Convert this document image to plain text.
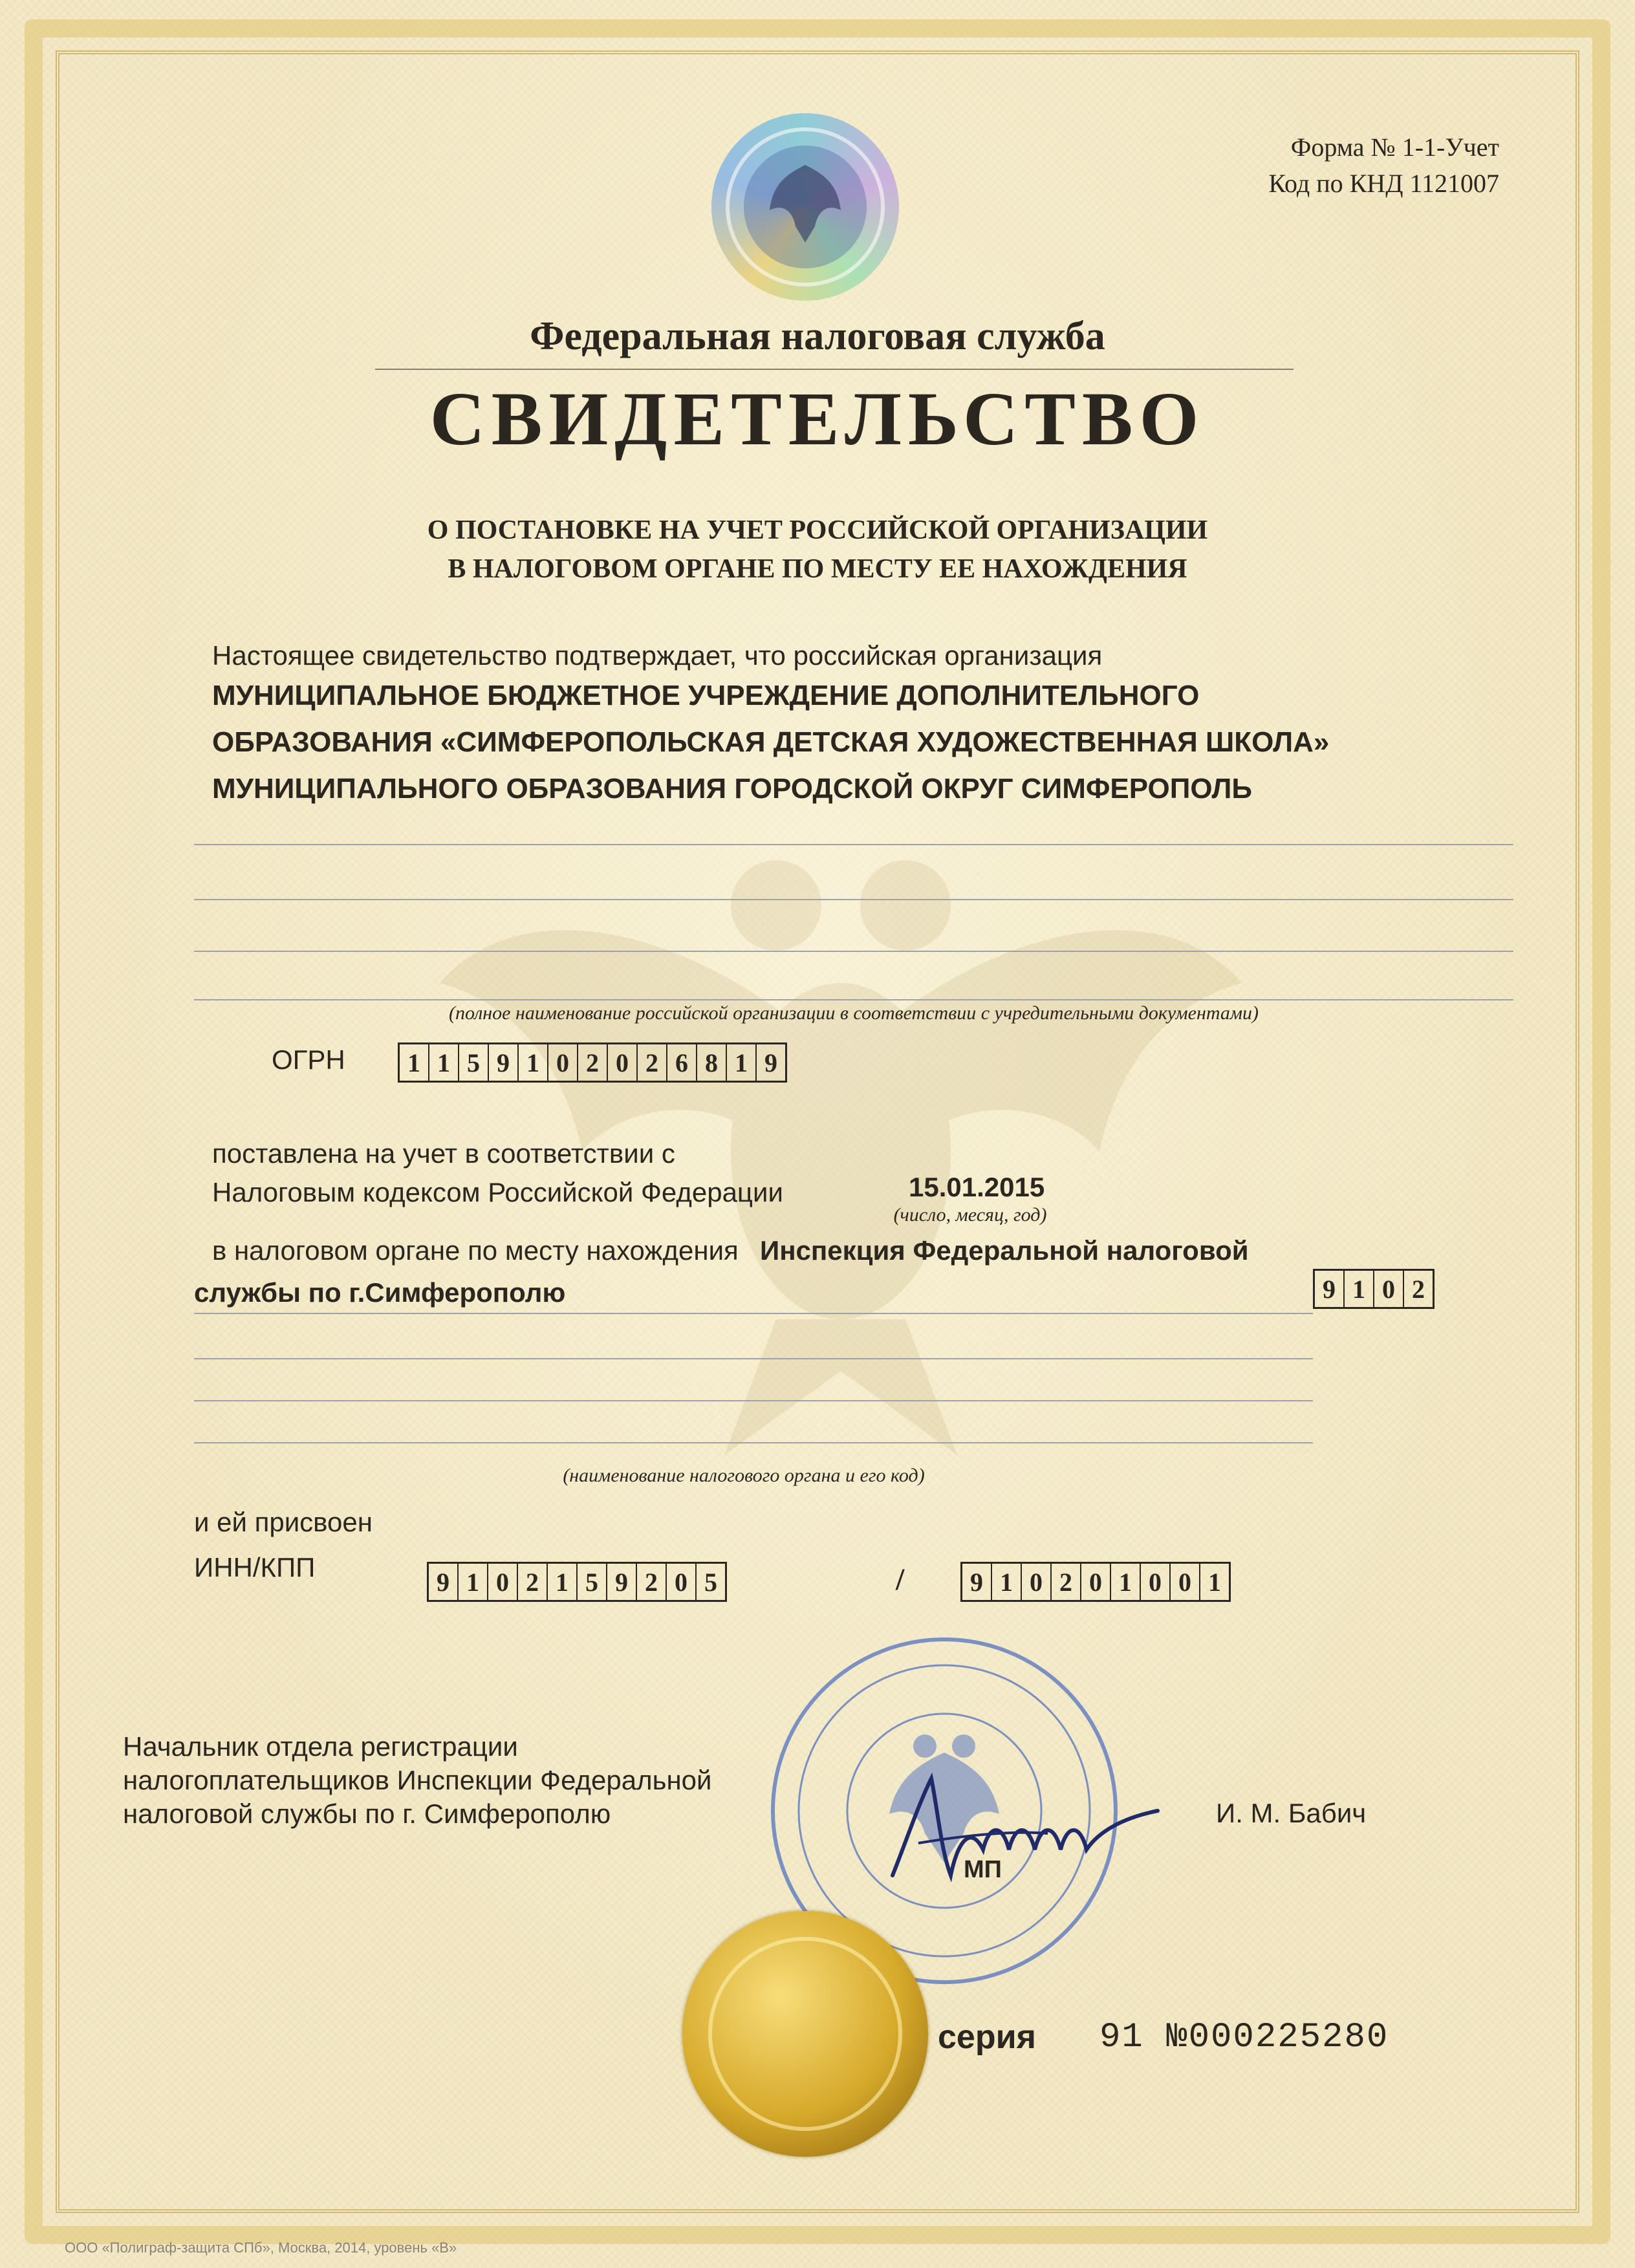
Форма № 1-1-Учет
Код по КНД 1121007
Федеральная налоговая служба
СВИДЕТЕЛЬСТВО
О ПОСТАНОВКЕ НА УЧЕТ РОССИЙСКОЙ ОРГАНИЗАЦИИ
В НАЛОГОВОМ ОРГАНЕ ПО МЕСТУ ЕЕ НАХОЖДЕНИЯ
Настоящее свидетельство подтверждает, что российская организация
МУНИЦИПАЛЬНОЕ БЮДЖЕТНОЕ УЧРЕЖДЕНИЕ ДОПОЛНИТЕЛЬНОГО
ОБРАЗОВАНИЯ «СИМФЕРОПОЛЬСКАЯ ДЕТСКАЯ ХУДОЖЕСТВЕННАЯ ШКОЛА»
МУНИЦИПАЛЬНОГО ОБРАЗОВАНИЯ ГОРОДСКОЙ ОКРУГ СИМФЕРОПОЛЬ
(полное наименование российской организации в соответствии с учредительными документами)
ОГРН	1 1 5 9 1 0 2 0 2 6 8 1 9
поставлена на учет в соответствии с
Налоговым кодексом Российской Федерации	15.01.2015
(число, месяц, год)
в налоговом органе по месту нахождения Инспекция Федеральной налоговой
службы по г.Симферополю	9 1 0 2
(наименование налогового органа и его код)
и ей присвоен
ИНН/КПП	9 1 0 2 1 5 9 2 0 5	/	9 1 0 2 0 1 0 0 1
Начальник отдела регистрации
налогоплательщиков Инспекции Федеральной
налоговой службы по г. Симферополю	И. М. Бабич
МП
серия 91 №000225280
ООО «Полиграф-защита СПб», Москва, 2014, уровень «В»
